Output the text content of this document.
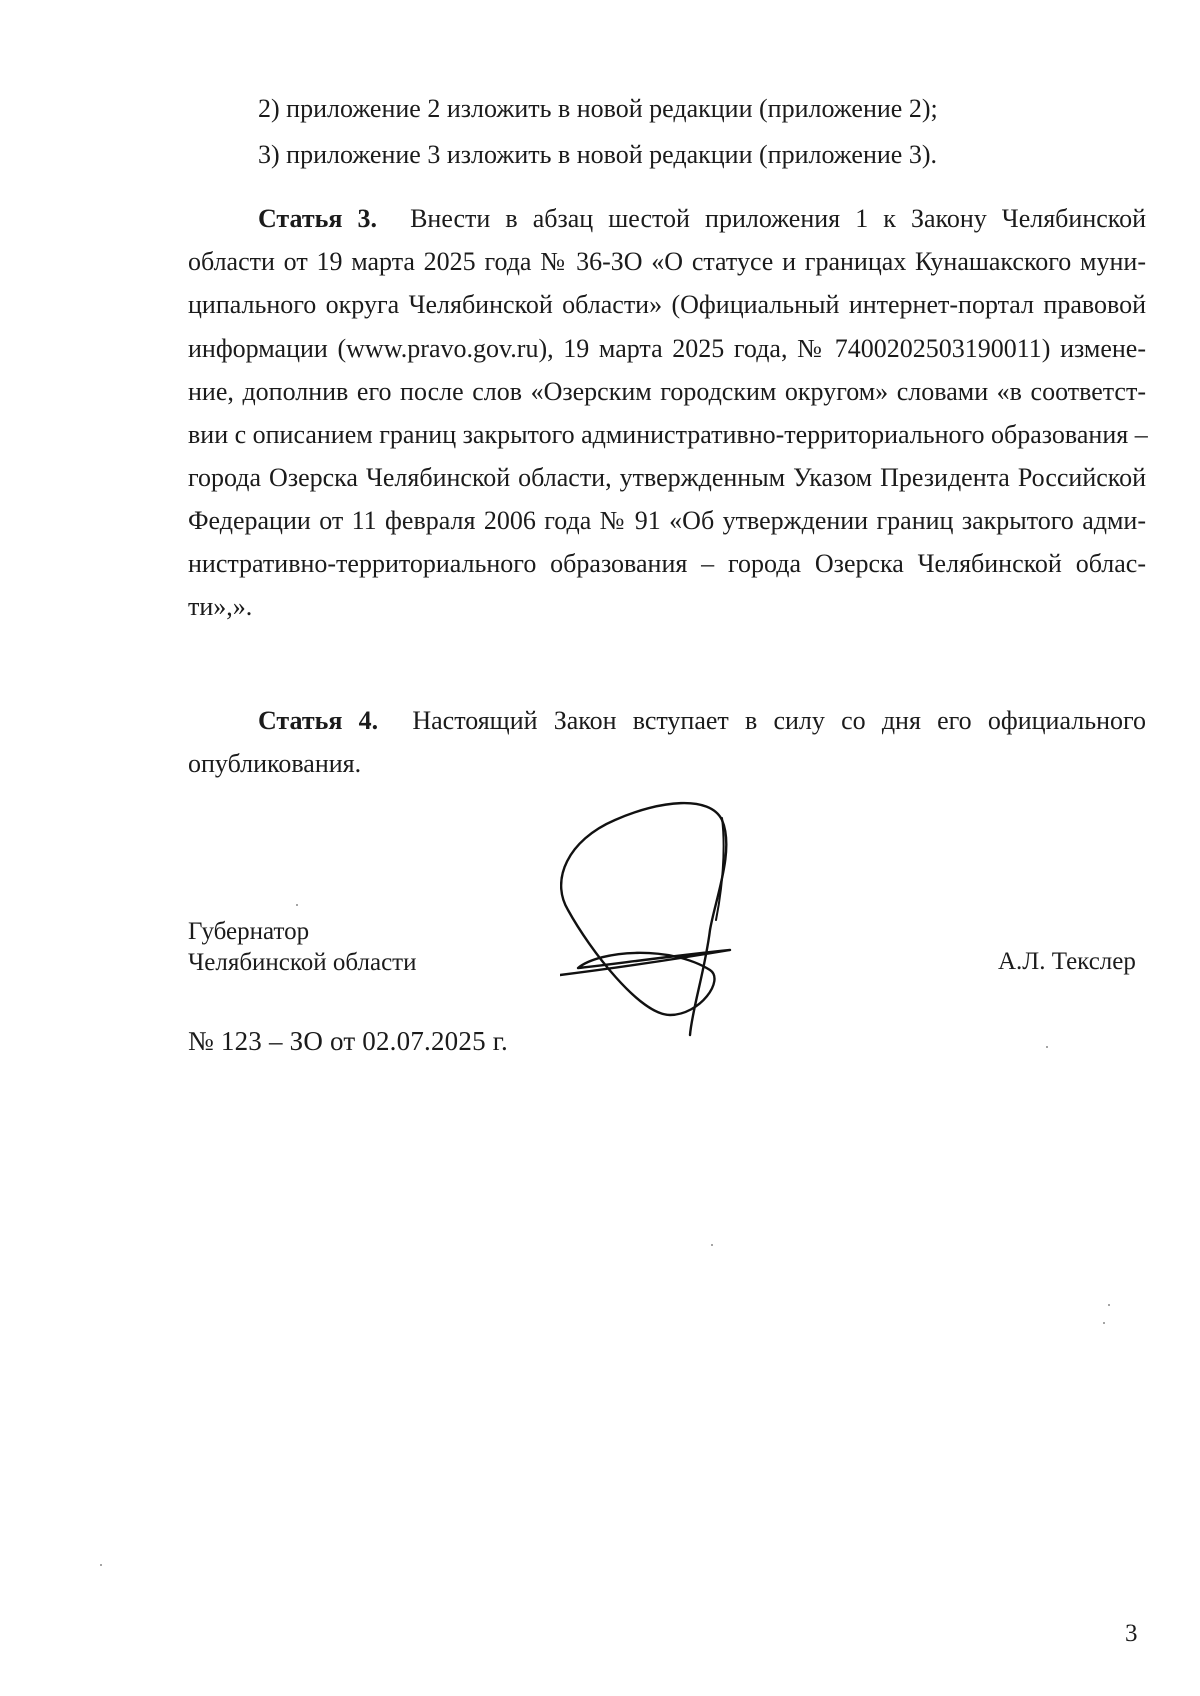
2) приложение 2 изложить в новой редакции (приложение 2);
3) приложение 3 изложить в новой редакции (приложение 3).
Статья 3. Внести в абзац шестой приложения 1 к Закону Челябинской
области от 19 марта 2025 года № 36-ЗО «О статусе и границах Кунашакского муни-
ципального округа Челябинской области» (Официальный интернет-портал правовой
информации (www.pravo.gov.ru), 19 марта 2025 года, № 7400202503190011) измене-
ние, дополнив его после слов «Озерским городским округом» словами «в соответст-
вии с описанием границ закрытого административно-территориального образования –
города Озерска Челябинской области, утвержденным Указом Президента Российской
Федерации от 11 февраля 2006 года № 91 «Об утверждении границ закрытого адми-
нистративно-территориального образования – города Озерска Челябинской облас-
ти»,».
Статья 4. Настоящий Закон вступает в силу со дня его официального
опубликования.
Губернатор
Челябинской области	А.Л. Текслер
№ 123 – ЗО от 02.07.2025 г.
3
